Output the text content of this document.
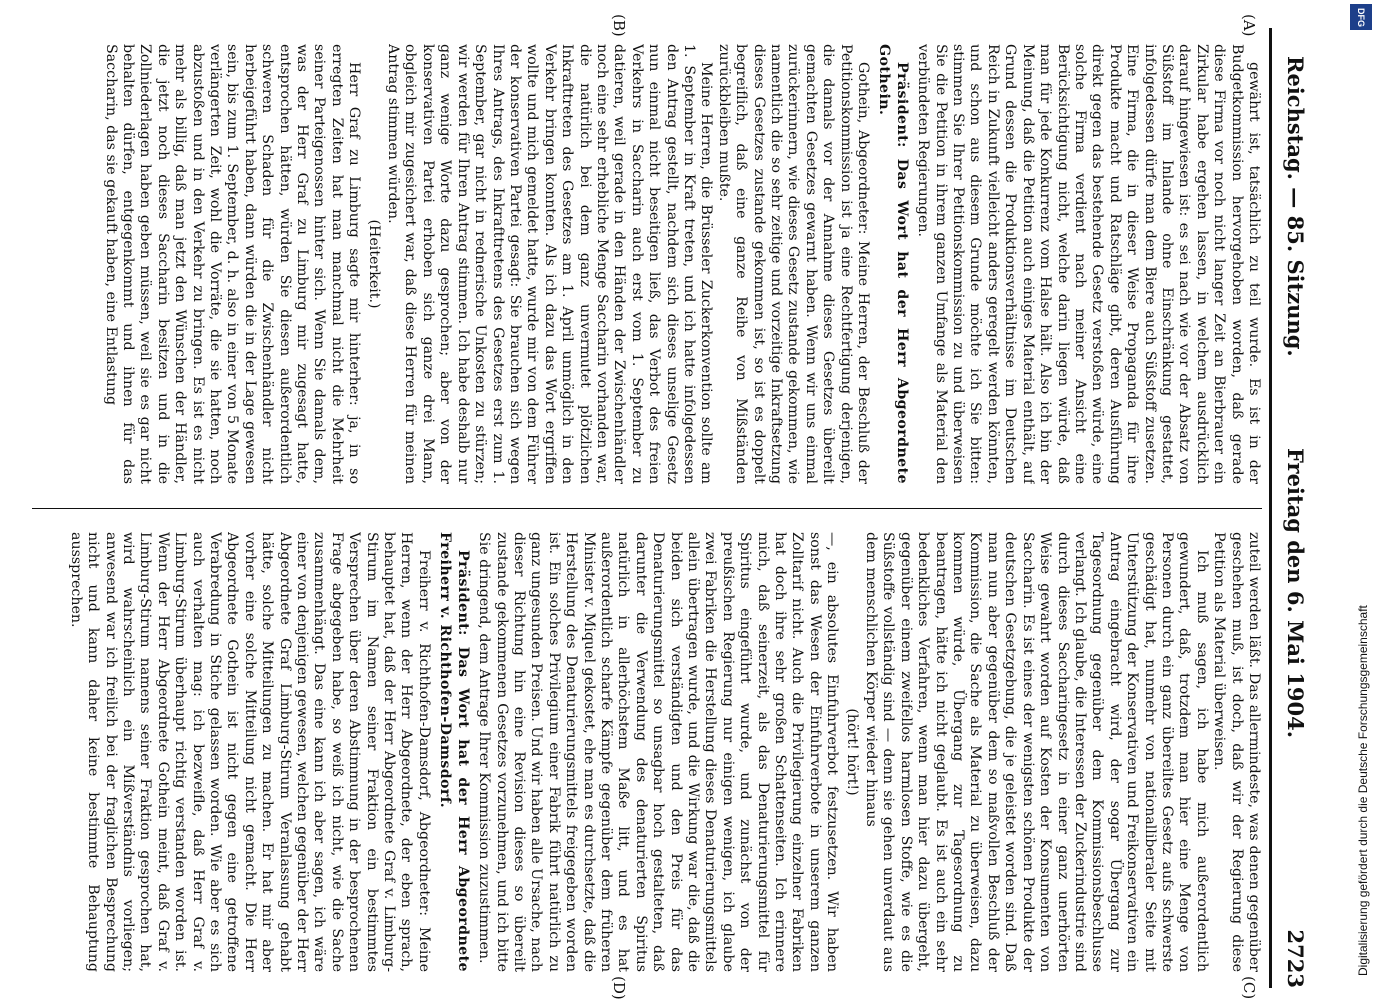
Reichstag. — 85. Sitzung.
Freitag den 6. Mai 1904.
2723
(A)
(B)
(C)
(D)

gewährt ist, tatsächlich zu teil wurde. Es ist in der Budgetkommission hervorgehoben worden, daß gerade diese Firma vor noch nicht langer Zeit an Bierbrauer ein Zirkular habe ergehen lassen, in welchem ausdrücklich darauf hingewiesen ist: es sei nach wie vor der Absatz von Süßstoff im Inlande ohne Einschränkung gestattet, infolgedessen dürfe man dem Biere auch Süßstoff zusetzen. Eine Firma, die in dieser Weise Propaganda für ihre Produkte macht und Ratschläge gibt, deren Ausführung direkt gegen das bestehende Gesetz verstoßen würde, eine solche Firma verdient nach meiner Ansicht eine Berücksichtigung nicht, welche darin liegen würde, daß man für jede Konkurrenz vom Halse hält. Also ich bin der Meinung, daß die Petition auch einiges Material enthält, auf Grund dessen die Produktionsverhältnisse im Deutschen Reich in Zukunft vielleicht anders geregelt werden könnten, und schon aus diesem Grunde möchte ich Sie bitten: stimmen Sie Ihrer Petitionskommission zu und überweisen Sie die Petition in ihrem ganzen Umfange als Material den verbündeten Regierungen.

Präsident: Das Wort hat der Herr Abgeordnete Gothein.

Gothein, Abgeordneter: Meine Herren, der Beschluß der Petitionskommission ist ja eine Rechtfertigung derjenigen, die damals vor der Annahme dieses Gesetzes übereilt gemachten Gesetzes gewarnt haben. Wenn wir uns einmal zurückerinnern, wie dieses Gesetz zustande gekommen, wie namentlich die so sehr zeitige und vorzeitige Inkraftsetzung dieses Gesetzes zustande gekommen ist, so ist es doppelt begreiflich, daß eine ganze Reihe von Mißständen zurückbleiben mußte.

Meine Herren, die Brüsseler Zuckerkonvention sollte am 1. September in Kraft treten, und ich hatte infolgedessen den Antrag gestellt, nachdem sich dieses unselige Gesetz nun einmal nicht beseitigen ließ, das Verbot des freien Verkehrs in Saccharin auch erst vom 1. September zu datieren, weil gerade in den Händen der Zwischenhändler noch eine sehr erhebliche Menge Saccharin vorhanden war, die natürlich bei dem ganz unvermutet plötzlichen Inkrafttreten des Gesetzes am 1. April unmöglich in den Verkehr bringen konnten. Als ich dazu das Wort ergriffen wollte und mich gemeldet hatte, wurde mir von dem Führer der konservativen Partei gesagt: Sie brauchen sich wegen Ihres Antrags, des Inkrafttretens des Gesetzes erst zum 1. September, gar nicht in rednerische Unkosten zu stürzen; wir werden für Ihren Antrag stimmen. Ich habe deshalb nur ganz wenige Worte dazu gesprochen; aber von der konservativen Partei erhoben sich ganze drei Mann, obgleich mir zugesichert war, daß diese Herren für meinen Antrag stimmen würden.

(Heiterkeit.)

Herr Graf zu Limburg sagte mir hinterher: ja, in so erregten Zeiten hat man manchmal nicht die Mehrheit seiner Parteigenossen hinter sich. Wenn Sie damals dem, was der Herr Graf zu Limburg mir zugesagt hatte, entsprochen hätten, würden Sie diesen außerordentlich schweren Schaden für die Zwischenhändler nicht herbeigeführt haben, dann würden die in der Lage gewesen sein, bis zum 1. September, d. h. also in einer von 5 Monate verlängerten Zeit, wohl die Vorräte, die sie hatten, noch abzustoßen und in den Verkehr zu bringen. Es ist es nicht mehr als billig, daß man jetzt den Wünschen der Händler, die jetzt noch dieses Saccharin besitzen und in die Zollniederlagen haben geben müssen, weil sie es gar nicht behalten dürfen, entgegenkommt und ihnen für das Saccharin, das sie gekauft haben, eine Entlastung

zuteil werden läßt. Das allermindeste, was denen gegenüber geschehen muß, ist doch, daß wir der Regierung diese Petition als Material überweisen.

Ich muß sagen, ich habe mich außerordentlich gewundert, daß, trotzdem man hier eine Menge von Personen durch ein ganz übereiltes Gesetz aufs schwerste geschädigt hat, nunmehr von nationalliberaler Seite mit Unterstützung der Konservativen und Freikonservativen ein Antrag eingebracht wird, der sogar Übergang zur Tagesordnung gegenüber dem Kommissionsbeschlusse verlangt. Ich glaube, die Interessen der Zuckerindustrie sind durch dieses Saccharingesetz in einer ganz unerhörten Weise gewahrt worden auf Kosten der Konsumenten von Saccharin. Es ist eines der wenigsten schönen Produkte der deutschen Gesetzgebung, die je geleistet worden sind. Daß man nun aber gegenüber dem so maßvollen Beschluß der Kommission, die Sache als Material zu überweisen, dazu kommen würde, Übergang zur Tagesordnung zu beantragen, hätte ich nicht geglaubt. Es ist auch ein sehr bedenkliches Verfahren, wenn man hier dazu übergeht, gegenüber einem zweifellos harmlosen Stoffe, wie es die Süßstoffe vollständig sind — denn sie gehen unverdaut aus dem menschlichen Körper wieder hinaus

(hört! hört!)

—, ein absolutes Einfuhrverbot festzusetzen. Wir haben sonst das Wesen der Einfuhrverbote in unserem ganzen Zolltarif nicht. Auch die Privilegierung einzelner Fabriken hat doch ihre sehr großen Schattenseiten. Ich erinnere mich, daß seinerzeit, als das Denaturierungsmittel für Spiritus eingeführt wurde, und zunächst von der preußischen Regierung nur einigen wenigen, ich glaube zwei Fabriken die Herstellung dieses Denaturierungsmittels allein übertragen wurde, und die Wirkung war die, daß die beiden sich verständigten und den Preis für das Denaturierungsmittel so unsagbar hoch gestalteten, daß darunter die Verwendung des denaturierten Spiritus natürlich in allerhöchstem Maße litt, und es hat außerordentlich scharfe Kämpfe gegenüber dem früheren Minister v. Miquel gekostet, ehe man es durchsetzte, daß die Herstellung des Denaturierungsmittels freigegeben worden ist. Ein solches Privilegium einer Fabrik führt natürlich zu ganz ungesunden Preisen. Und wir haben alle Ursache, nach dieser Richtung hin eine Revision dieses so übereilt zustande gekommenen Gesetzes vorzunehmen, und ich bitte Sie dringend, dem Antrage Ihrer Kommission zuzustimmen.

Präsident: Das Wort hat der Herr Abgeordnete Freiherr v. Richthofen-Damsdorf.

Freiherr v. Richthofen-Damsdorf, Abgeordneter: Meine Herren, wenn der Herr Abgeordnete, der eben sprach, behauptet hat, daß der Herr Abgeordnete Graf v. Limburg-Stirum im Namen seiner Fraktion ein bestimmtes Versprechen über deren Abstimmung in der besprochenen Frage abgegeben habe, so weiß ich nicht, wie die Sache zusammenhängt. Das eine kann ich aber sagen, ich wäre einer von denjenigen gewesen, welchen gegenüber der Herr Abgeordnete Graf Limburg-Stirum Veranlassung gehabt hätte, solche Mitteilungen zu machen. Er hat mir aber vorher eine solche Mitteilung nicht gemacht. Die Herr Abgeordnete Gothein ist nicht gegen eine getroffene Verabredung in Stiche gelassen worden. Wie aber es sich auch verhalten mag: ich bezweifle, daß Herr Graf v. Limburg-Stirum überhaupt richtig verstanden worden ist. Wenn der Herr Abgeordnete Gothein meint, daß Graf v. Limburg-Stirum namens seiner Fraktion gesprochen hat, wird wahrscheinlich ein Mißverständnis vorliegen; anwesend war ich freilich bei der fraglichen Besprechung nicht und kann daher keine bestimmte Behauptung aussprechen.

DFG
Digitalisierung gefördert durch die Deutsche Forschungsgemeinschaft
